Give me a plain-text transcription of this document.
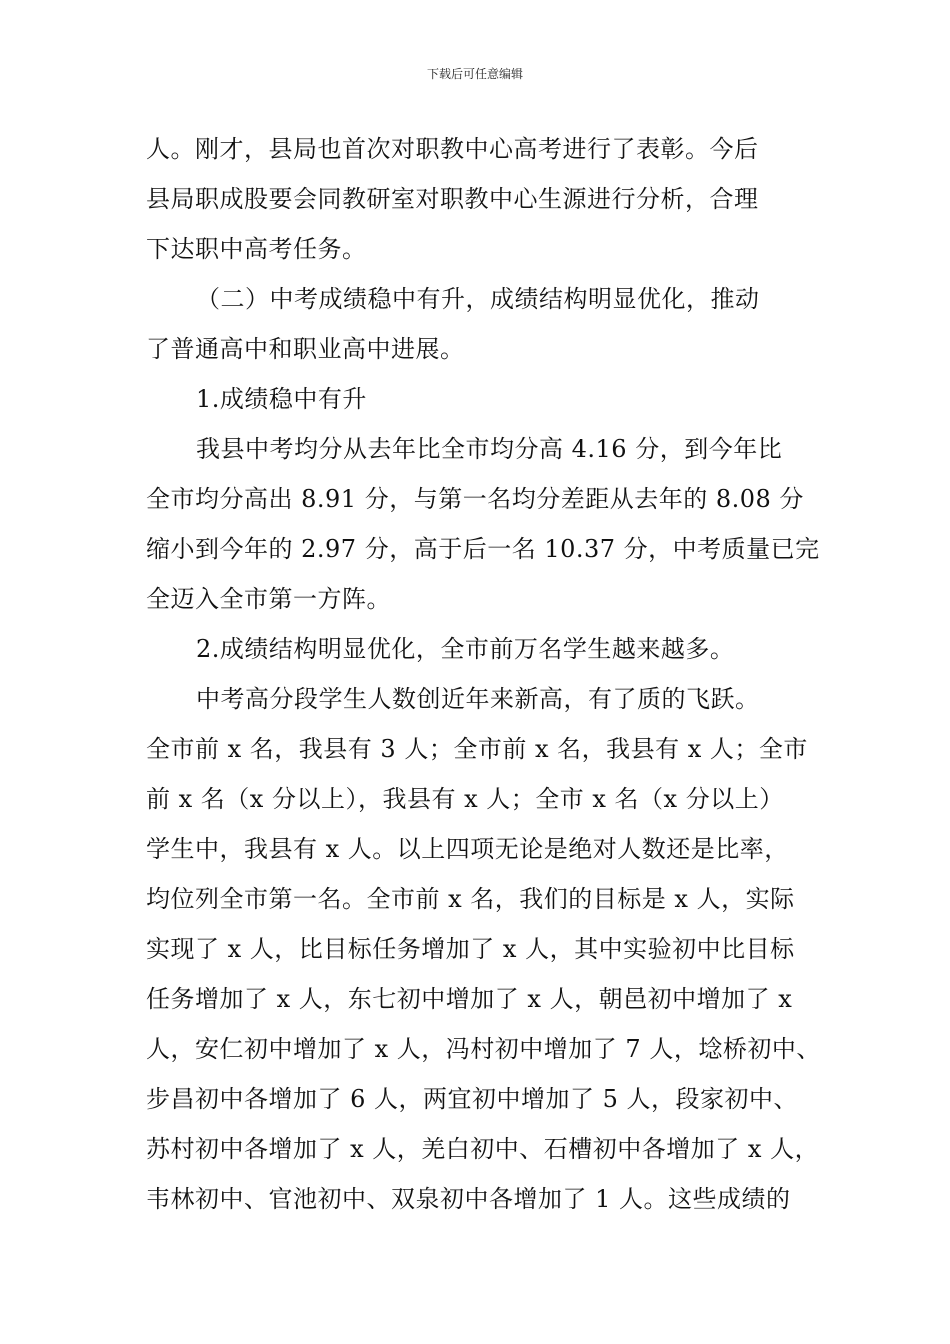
下载后可任意编辑
人。刚才，县局也首次对职教中心高考进行了表彰。今后
县局职成股要会同教研室对职教中心生源进行分析，合理
下达职中高考任务。
（二）中考成绩稳中有升，成绩结构明显优化，推动
了普通高中和职业高中进展。
1.成绩稳中有升
我县中考均分从去年比全市均分高 4.16 分，到今年比
全市均分高出 8.91 分，与第一名均分差距从去年的 8.08 分
缩小到今年的 2.97 分，高于后一名 10.37 分，中考质量已完
全迈入全市第一方阵。
2.成绩结构明显优化，全市前万名学生越来越多。
中考高分段学生人数创近年来新高，有了质的飞跃。
全市前 x 名，我县有 3 人；全市前 x 名，我县有 x 人；全市
前 x 名（x 分以上），我县有 x 人；全市 x 名（x 分以上）
学生中，我县有 x 人。以上四项无论是绝对人数还是比率，
均位列全市第一名。全市前 x 名，我们的目标是 x 人，实际
实现了 x 人，比目标任务增加了 x 人，其中实验初中比目标
任务增加了 x 人，东七初中增加了 x 人，朝邑初中增加了 x
人，安仁初中增加了 x 人，冯村初中增加了 7 人，埝桥初中、
步昌初中各增加了 6 人，两宜初中增加了 5 人，段家初中、
苏村初中各增加了 x 人，羌白初中、石槽初中各增加了 x 人，
韦林初中、官池初中、双泉初中各增加了 1 人。这些成绩的
